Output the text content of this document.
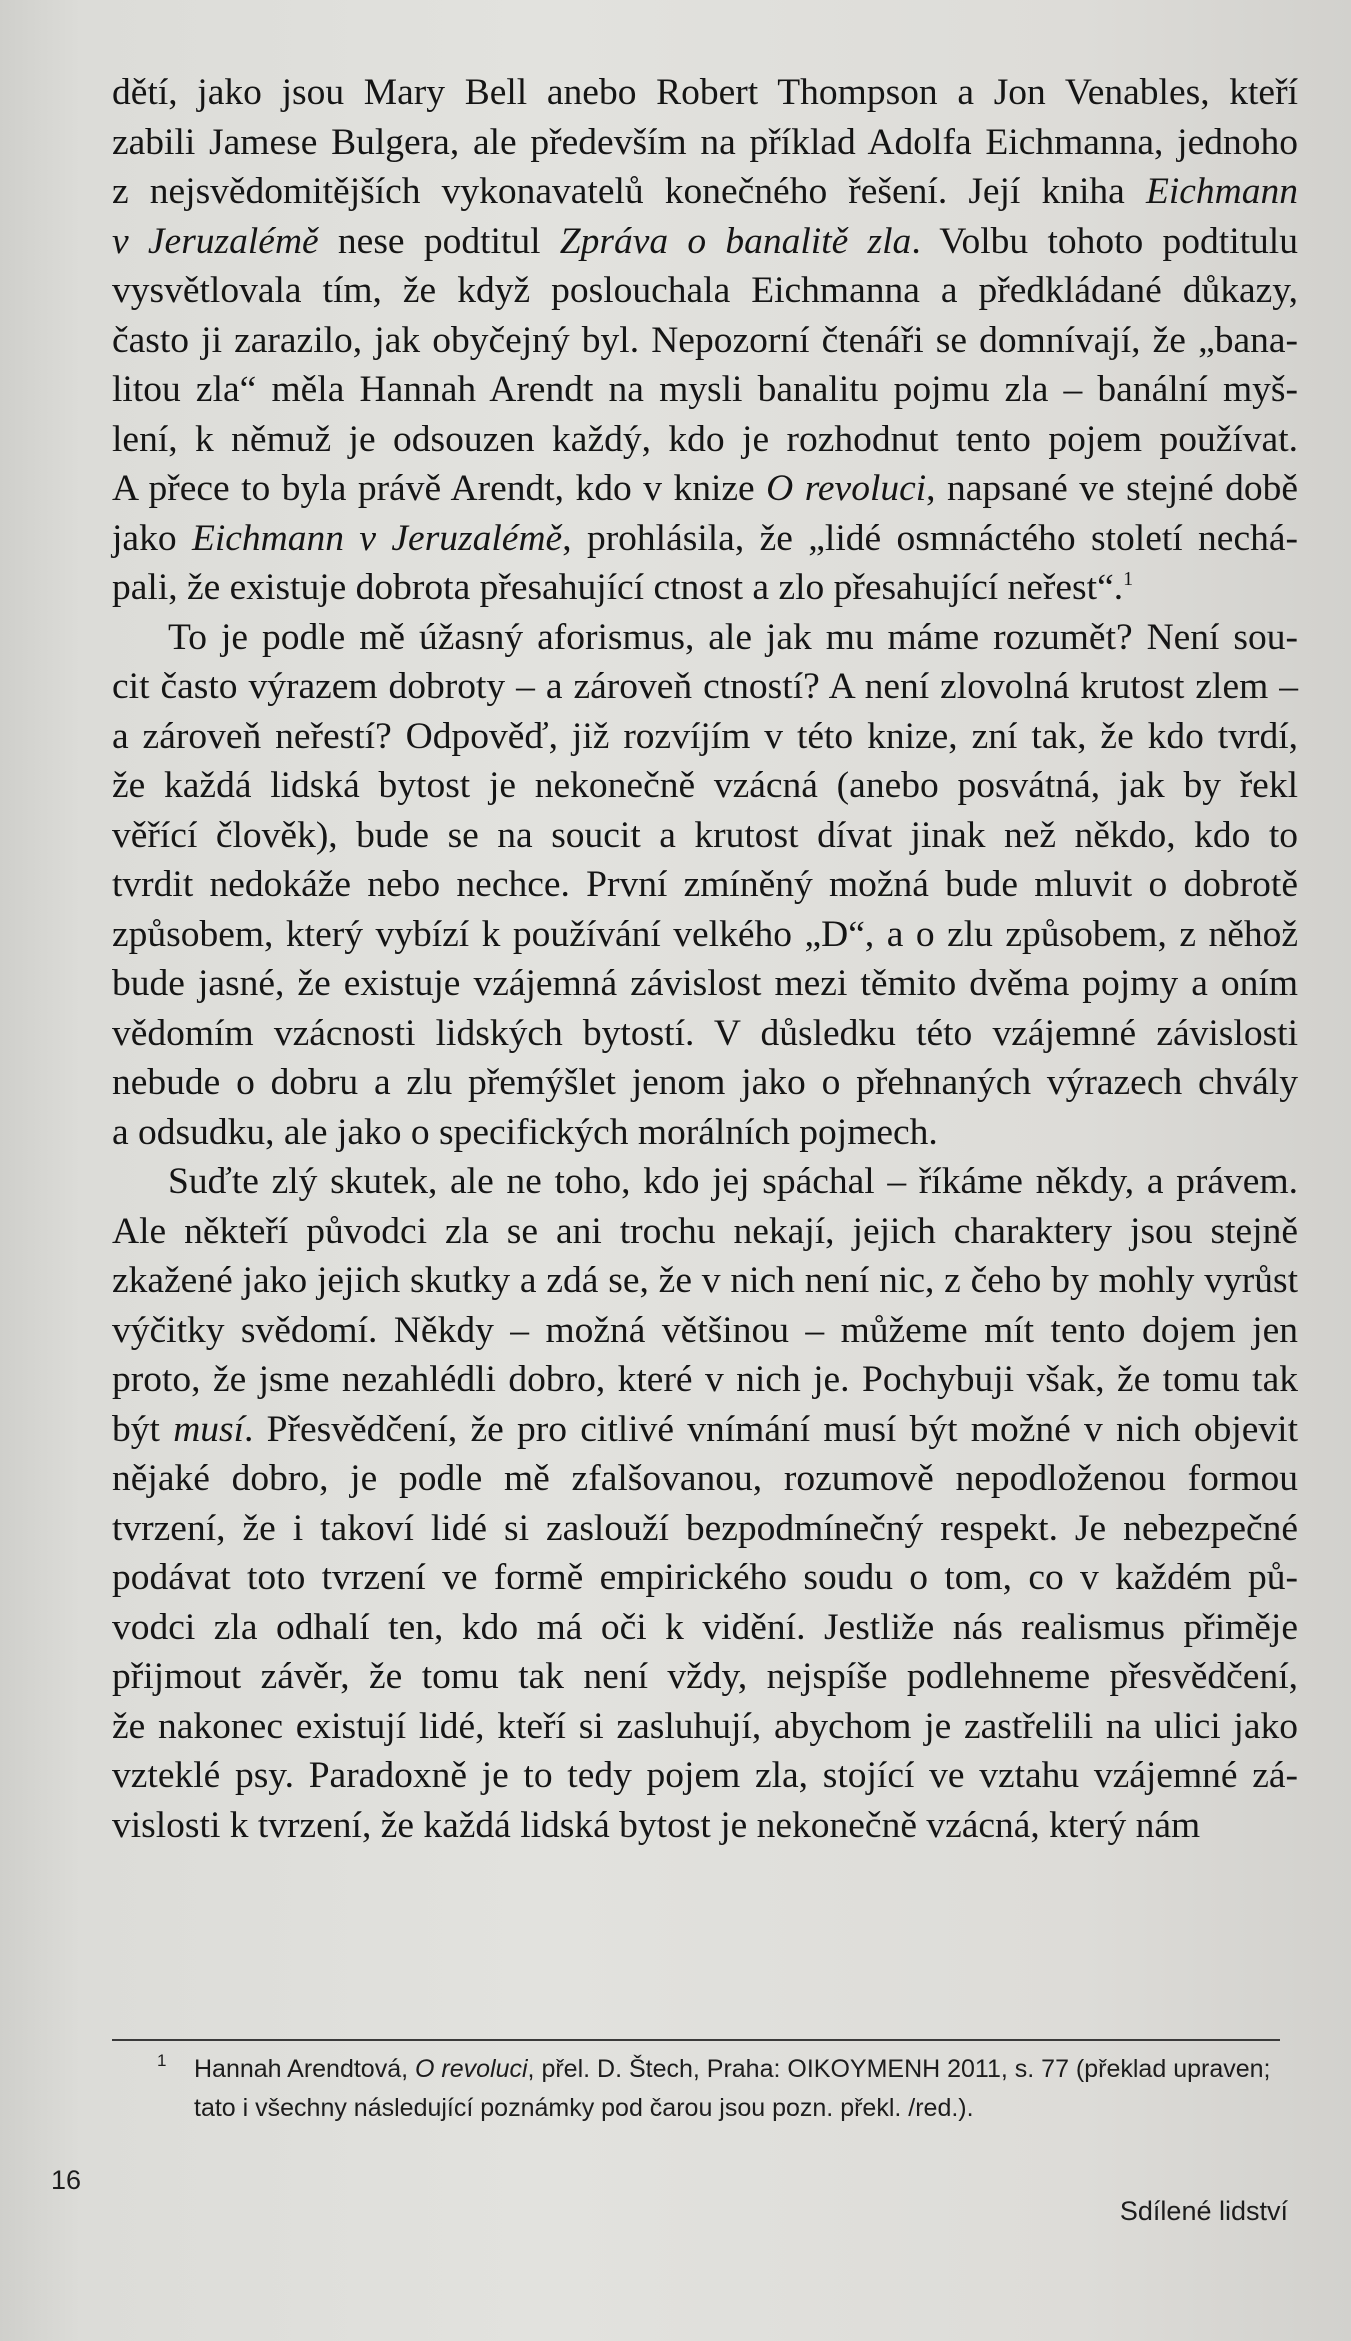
dětí, jako jsou Mary Bell anebo Robert Thompson a Jon Venables, kteří
zabili Jamese Bulgera, ale především na příklad Adolfa Eichmanna, jednoho
z nejsvědomitějších vykonavatelů konečného řešení. Její kniha Eichmann
v Jeruzalémě nese podtitul Zpráva o banalitě zla. Volbu tohoto podtitulu
vysvětlovala tím, že když poslouchala Eichmanna a předkládané důkazy,
často ji zarazilo, jak obyčejný byl. Nepozorní čtenáři se domnívají, že „bana-
litou zla“ měla Hannah Arendt na mysli banalitu pojmu zla – banální myš-
lení, k němuž je odsouzen každý, kdo je rozhodnut tento pojem používat.
A přece to byla právě Arendt, kdo v knize O revoluci, napsané ve stejné době
jako Eichmann v Jeruzalémě, prohlásila, že „lidé osmnáctého století nechá-
pali, že existuje dobrota přesahující ctnost a zlo přesahující neřest“.$^1$
To je podle mě úžasný aforismus, ale jak mu máme rozumět? Není sou-
cit často výrazem dobroty – a zároveň ctností? A není zlovolná krutost zlem –
a zároveň neřestí? Odpověď, již rozvíjím v této knize, zní tak, že kdo tvrdí,
že každá lidská bytost je nekonečně vzácná (anebo posvátná, jak by řekl
věřící člověk), bude se na soucit a krutost dívat jinak než někdo, kdo to
tvrdit nedokáže nebo nechce. První zmíněný možná bude mluvit o dobrotě
způsobem, který vybízí k používání velkého „D“, a o zlu způsobem, z něhož
bude jasné, že existuje vzájemná závislost mezi těmito dvěma pojmy a oním
vědomím vzácnosti lidských bytostí. V důsledku této vzájemné závislosti
nebude o dobru a zlu přemýšlet jenom jako o přehnaných výrazech chvály
a odsudku, ale jako o specifických morálních pojmech.
Suďte zlý skutek, ale ne toho, kdo jej spáchal – říkáme někdy, a právem.
Ale někteří původci zla se ani trochu nekají, jejich charaktery jsou stejně
zkažené jako jejich skutky a zdá se, že v nich není nic, z čeho by mohly vyrůst
výčitky svědomí. Někdy – možná většinou – můžeme mít tento dojem jen
proto, že jsme nezahlédli dobro, které v nich je. Pochybuji však, že tomu tak
být musí. Přesvědčení, že pro citlivé vnímání musí být možné v nich objevit
nějaké dobro, je podle mě zfalšovanou, rozumově nepodloženou formou
tvrzení, že i takoví lidé si zaslouží bezpodmínečný respekt. Je nebezpečné
podávat toto tvrzení ve formě empirického soudu o tom, co v každém pů-
vodci zla odhalí ten, kdo má oči k vidění. Jestliže nás realismus přiměje
přijmout závěr, že tomu tak není vždy, nejspíše podlehneme přesvědčení,
že nakonec existují lidé, kteří si zasluhují, abychom je zastřelili na ulici jako
vzteklé psy. Paradoxně je to tedy pojem zla, stojící ve vztahu vzájemné zá-
vislosti k tvrzení, že každá lidská bytost je nekonečně vzácná, který nám
1	Hannah Arendtová, O revoluci, přel. D. Štech, Praha: OIKOYMENH 2011, s. 77 (překlad upraven;
tato i všechny následující poznámky pod čarou jsou pozn. překl. /red.).
16
Sdílené lidství
